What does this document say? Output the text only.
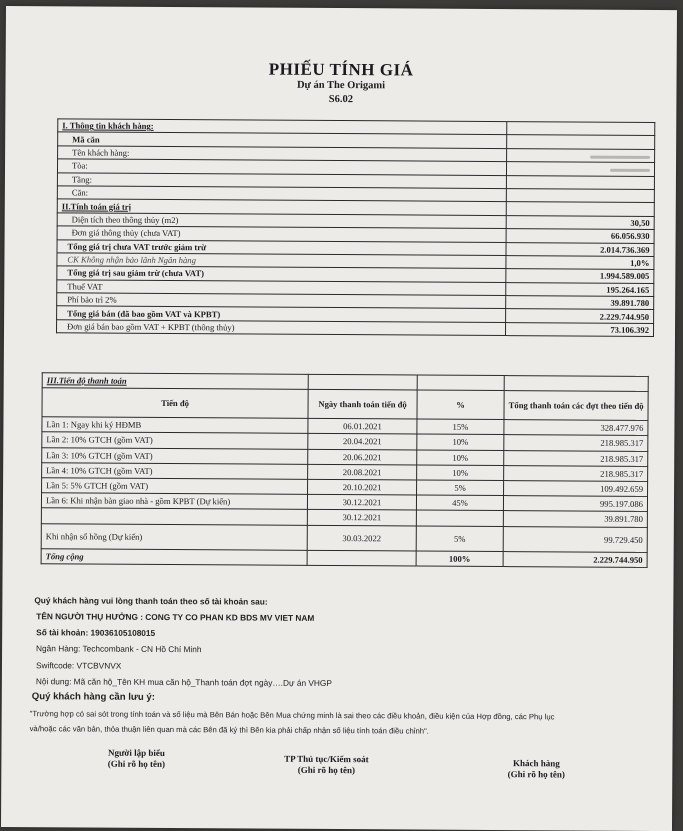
PHIẾU TÍNH GIÁ
Dự án The Origami
S6.02
I. Thông tin khách hàng:	
Mã căn	
Tên khách hàng:	
Tòa:	
Tầng:	
Căn:	
II.Tính toán giá trị	
Diện tích theo thông thủy (m2)	30,50
Đơn giá thông thủy (chưa VAT)	66.056.930
Tổng giá trị chưa VAT trước giảm trừ	2.014.736.369
CK Không nhận bảo lãnh Ngân hàng	1,0%
Tổng giá trị sau giảm trừ (chưa VAT)	1.994.589.005
Thuế VAT	195.264.165
Phí bảo trì 2%	39.891.780
Tổng giá bán (đã bao gồm VAT và KPBT)	2.229.744.950
Đơn giá bán bao gồm VAT + KPBT (thông thủy)	73.106.392
III.Tiến độ thanh toán			
Tiến độ	Ngày thanh toán tiến độ	%	Tổng thanh toán các đợt theo tiến độ
Lần 1: Ngay khi ký HĐMB	06.01.2021	15%	328.477.976
Lần 2: 10% GTCH (gồm VAT)	20.04.2021	10%	218.985.317
Lần 3: 10% GTCH (gồm VAT)	20.06.2021	10%	218.985.317
Lần 4: 10% GTCH (gồm VAT)	20.08.2021	10%	218.985.317
Lần 5: 5% GTCH (gồm VAT)	20.10.2021	5%	109.492.659
Lần 6: Khi nhận bàn giao nhà - gồm KPBT (Dự kiến)	30.12.2021	45%	995.197.086
	30.12.2021		39.891.780
Khi nhận sổ hồng (Dự kiến)	30.03.2022	5%	99.729.450
Tổng cộng		100%	2.229.744.950
Quý khách hàng vui lòng thanh toán theo số tài khoản sau:
TÊN NGƯỜI THỤ HƯỞNG : CONG TY CO PHAN KD BDS MV VIET NAM
Số tài khoản: 19036105108015
Ngân Hàng: Techcombank - CN Hồ Chí Minh
Swiftcode: VTCBVNVX
Nội dung: Mã căn hộ_Tên KH mua căn hộ_Thanh toán đợt ngày….Dự án VHGP
Quý khách hàng cần lưu ý:
"Trường hợp có sai sót trong tính toán và số liệu mà Bên Bán hoặc Bên Mua chứng minh là sai theo các điều khoản, điều kiện của Hợp đồng, các Phụ lục
và/hoặc các văn bản, thỏa thuận liên quan mà các Bên đã ký thì Bên kia phải chấp nhận số liệu tính toán điều chỉnh".
Người lập biểu
(Ghi rõ họ tên)	TP Thủ tục/Kiểm soát
(Ghi rõ họ tên)
Khách hàng
(Ghi rõ họ tên)
